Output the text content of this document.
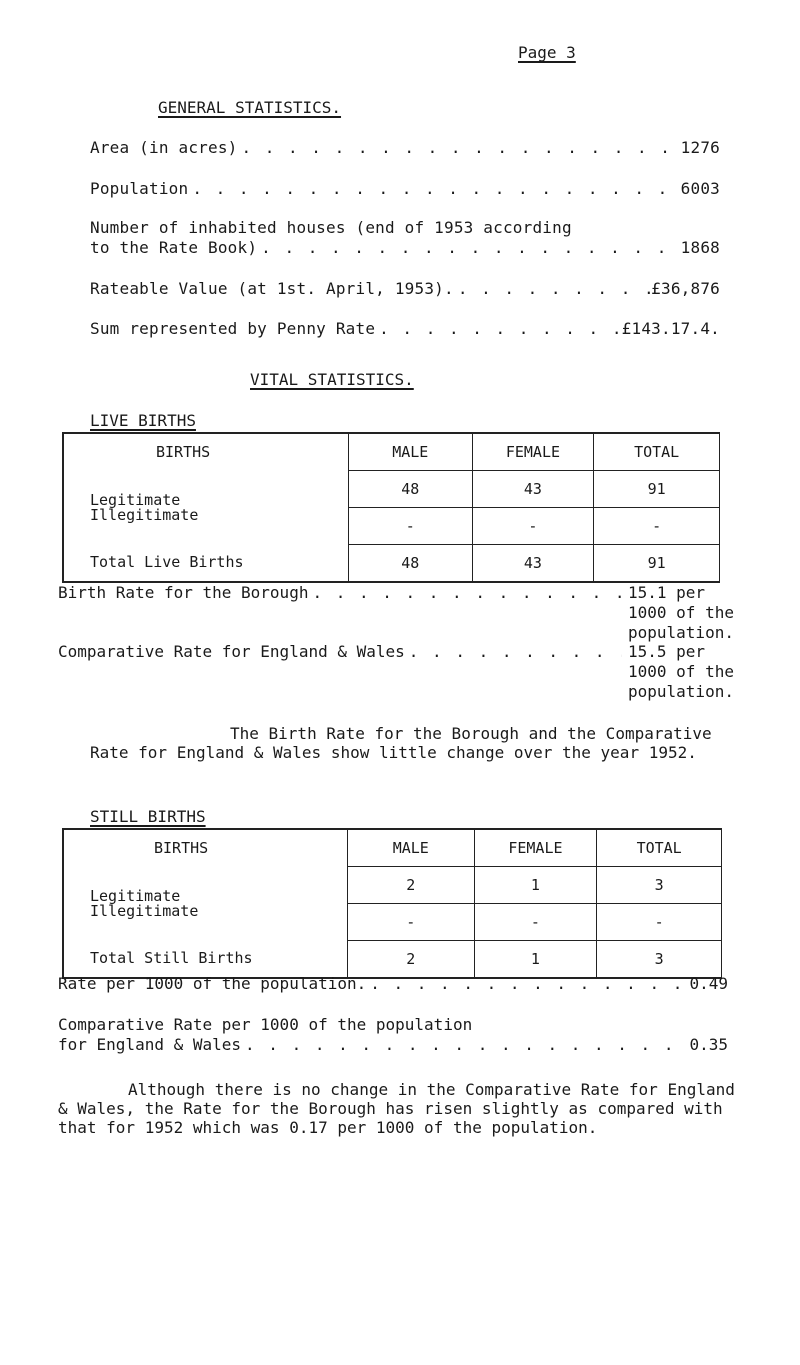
Page 3
GENERAL STATISTICS.
Area (in acres) . . .	1276
Population . . .	6003
Number of inhabited houses (end of 1953 according
to the Rate Book) . . .	1868
Rateable Value (at 1st. April, 1953). . . .	£36,876
Sum represented by Penny Rate . . .	£143.17.4.
VITAL STATISTICS.
LIVE BIRTHS
BIRTHS	MALE	FEMALE	TOTAL
Legitimate	48	43	91
Illegitimate	-	-	-
Total Live Births	48	43	91
Birth Rate for the Borough . . .	15.1 per
1000 of the
population.
Comparative Rate for England & Wales . . .	15.5 per
1000 of the
population.
The Birth Rate for the Borough and the Comparative Rate for England & Wales show little change over the year 1952.
STILL BIRTHS
BIRTHS	MALE	FEMALE	TOTAL
Legitimate	2	1	3
Illegitimate	-	-	-
Total Still Births	2	1	3
Rate per 1000 of the population. . . .	0.49
Comparative Rate per 1000 of the population
for England & Wales . . .	0.35
Although there is no change in the Comparative Rate for England & Wales, the Rate for the Borough has risen slightly as compared with that for 1952 which was 0.17 per 1000 of the population.
